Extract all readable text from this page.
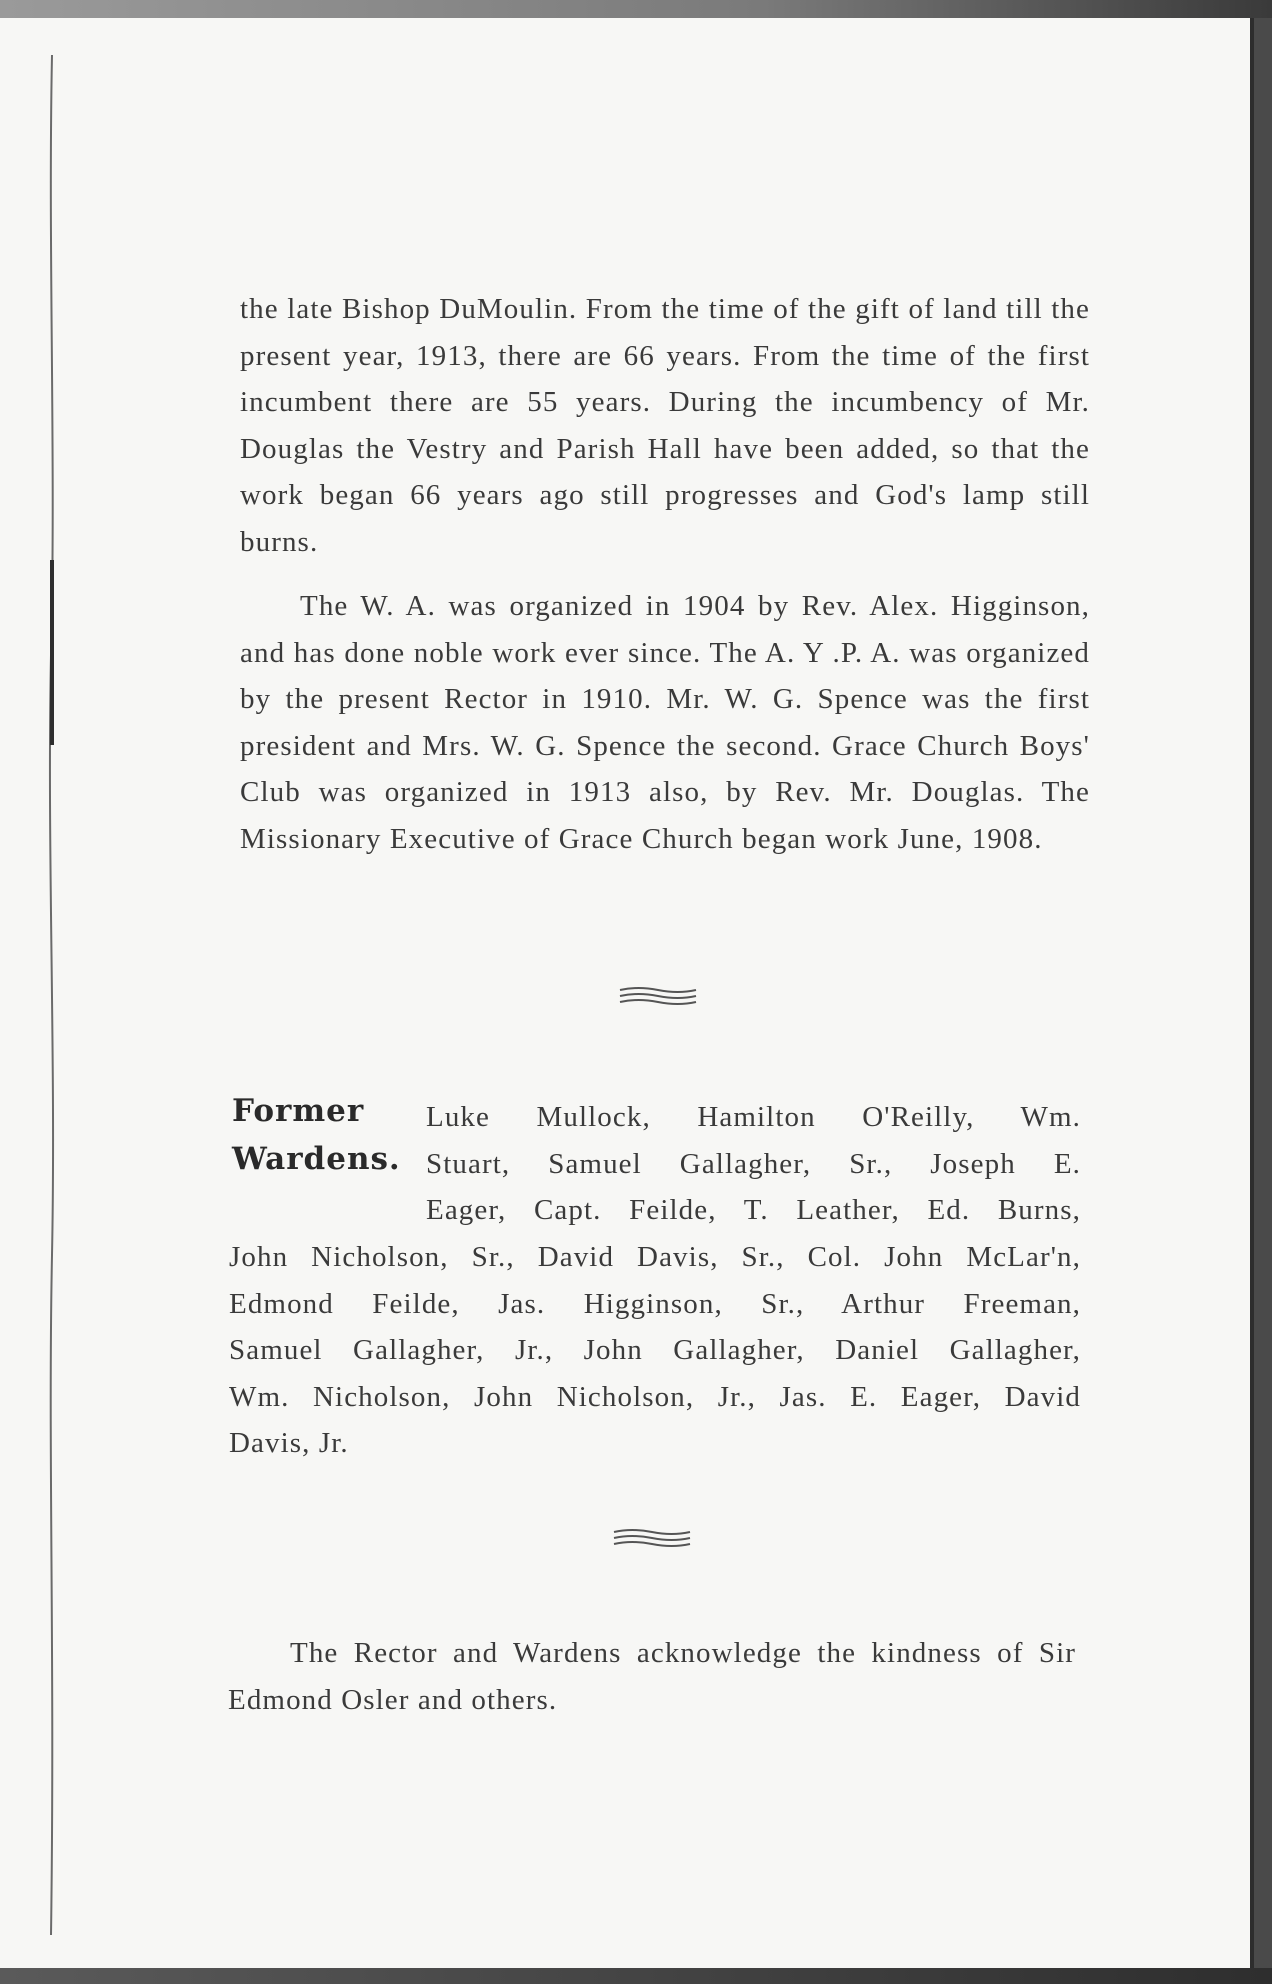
the late Bishop DuMoulin. From the time of the gift of land till the present year, 1913, there are 66 years. From the time of the first incumbent there are 55 years. During the incumbency of Mr. Douglas the Vestry and Parish Hall have been added, so that the work began 66 years ago still progresses and God's lamp still burns.

The W. A. was organized in 1904 by Rev. Alex. Higginson, and has done noble work ever since. The A. Y .P. A. was organized by the present Rector in 1910. Mr. W. G. Spence was the first president and Mrs. W. G. Spence the second. Grace Church Boys' Club was organized in 1913 also, by Rev. Mr. Douglas. The Missionary Executive of Grace Church began work June, 1908.

Former
Wardens.
Luke Mullock, Hamilton O'Reilly, Wm.
Stuart, Samuel Gallagher, Sr., Joseph E.
Eager, Capt. Feilde, T. Leather, Ed. Burns,
John Nicholson, Sr., David Davis, Sr., Col. John McLar'n,
Edmond Feilde, Jas. Higginson, Sr., Arthur Freeman,
Samuel Gallagher, Jr., John Gallagher, Daniel Gallagher,
Wm. Nicholson, John Nicholson, Jr., Jas. E. Eager, David
Davis, Jr.

The Rector and Wardens acknowledge the kindness of Sir Edmond Osler and others.
